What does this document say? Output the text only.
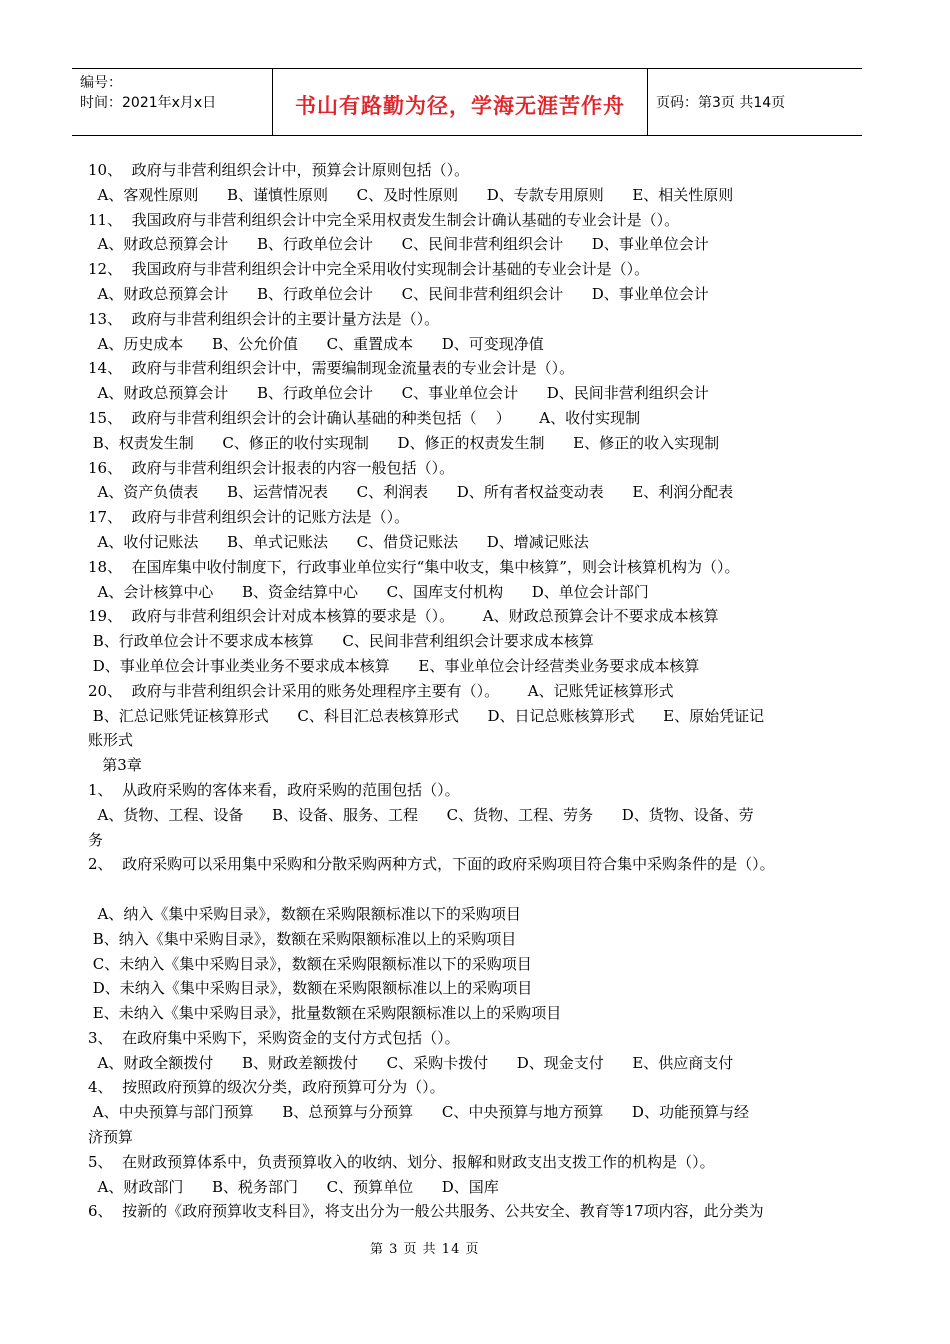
编号：
时间：2021年x月x日	书山有路勤为径，学海无涯苦作舟	页码：第3页 共14页
10、  政府与非营利组织会计中，预算会计原则包括（）。
A、客观性原则      B、谨慎性原则      C、及时性原则      D、专款专用原则      E、相关性原则
11、  我国政府与非营利组织会计中完全采用权责发生制会计确认基础的专业会计是（）。
A、财政总预算会计      B、行政单位会计      C、民间非营利组织会计      D、事业单位会计
12、  我国政府与非营利组织会计中完全采用收付实现制会计基础的专业会计是（）。
A、财政总预算会计      B、行政单位会计      C、民间非营利组织会计      D、事业单位会计
13、  政府与非营利组织会计的主要计量方法是（）。
A、历史成本      B、公允价值      C、重置成本      D、可变现净值
14、  政府与非营利组织会计中，需要编制现金流量表的专业会计是（）。
A、财政总预算会计      B、行政单位会计      C、事业单位会计      D、民间非营利组织会计
15、  政府与非营利组织会计的会计确认基础的种类包括（    ）      A、收付实现制
B、权责发生制      C、修正的收付实现制      D、修正的权责发生制      E、修正的收入实现制
16、  政府与非营利组织会计报表的内容一般包括（）。
A、资产负债表      B、运营情况表      C、利润表      D、所有者权益变动表      E、利润分配表
17、  政府与非营利组织会计的记账方法是（）。
A、收付记账法      B、单式记账法      C、借贷记账法      D、增减记账法
18、  在国库集中收付制度下，行政事业单位实行“集中收支，集中核算”，则会计核算机构为（）。
A、会计核算中心      B、资金结算中心      C、国库支付机构      D、单位会计部门
19、  政府与非营利组织会计对成本核算的要求是（）。      A、财政总预算会计不要求成本核算
B、行政单位会计不要求成本核算      C、民间非营利组织会计要求成本核算
D、事业单位会计事业类业务不要求成本核算      E、事业单位会计经营类业务要求成本核算
20、  政府与非营利组织会计采用的账务处理程序主要有（）。      A、记账凭证核算形式
B、汇总记账凭证核算形式      C、科目汇总表核算形式      D、日记总账核算形式      E、原始凭证记
账形式
第3章
1、  从政府采购的客体来看，政府采购的范围包括（）。
A、货物、工程、设备      B、设备、服务、工程      C、货物、工程、劳务      D、货物、设备、劳
务
2、  政府采购可以采用集中采购和分散采购两种方式，下面的政府采购项目符合集中采购条件的是（）。
A、纳入《集中采购目录》，数额在采购限额标准以下的采购项目
B、纳入《集中采购目录》，数额在采购限额标准以上的采购项目
C、未纳入《集中采购目录》，数额在采购限额标准以下的采购项目
D、未纳入《集中采购目录》，数额在采购限额标准以上的采购项目
E、未纳入《集中采购目录》，批量数额在采购限额标准以上的采购项目
3、  在政府集中采购下，采购资金的支付方式包括（）。
A、财政全额拨付      B、财政差额拨付      C、采购卡拨付      D、现金支付      E、供应商支付
4、  按照政府预算的级次分类，政府预算可分为（）。
A、中央预算与部门预算      B、总预算与分预算      C、中央预算与地方预算      D、功能预算与经
济预算
5、  在财政预算体系中，负责预算收入的收纳、划分、报解和财政支出支拨工作的机构是（）。
A、财政部门      B、税务部门      C、预算单位      D、国库
6、  按新的《政府预算收支科目》，将支出分为一般公共服务、公共安全、教育等17项内容，此分类为
第 3 页 共 14 页
